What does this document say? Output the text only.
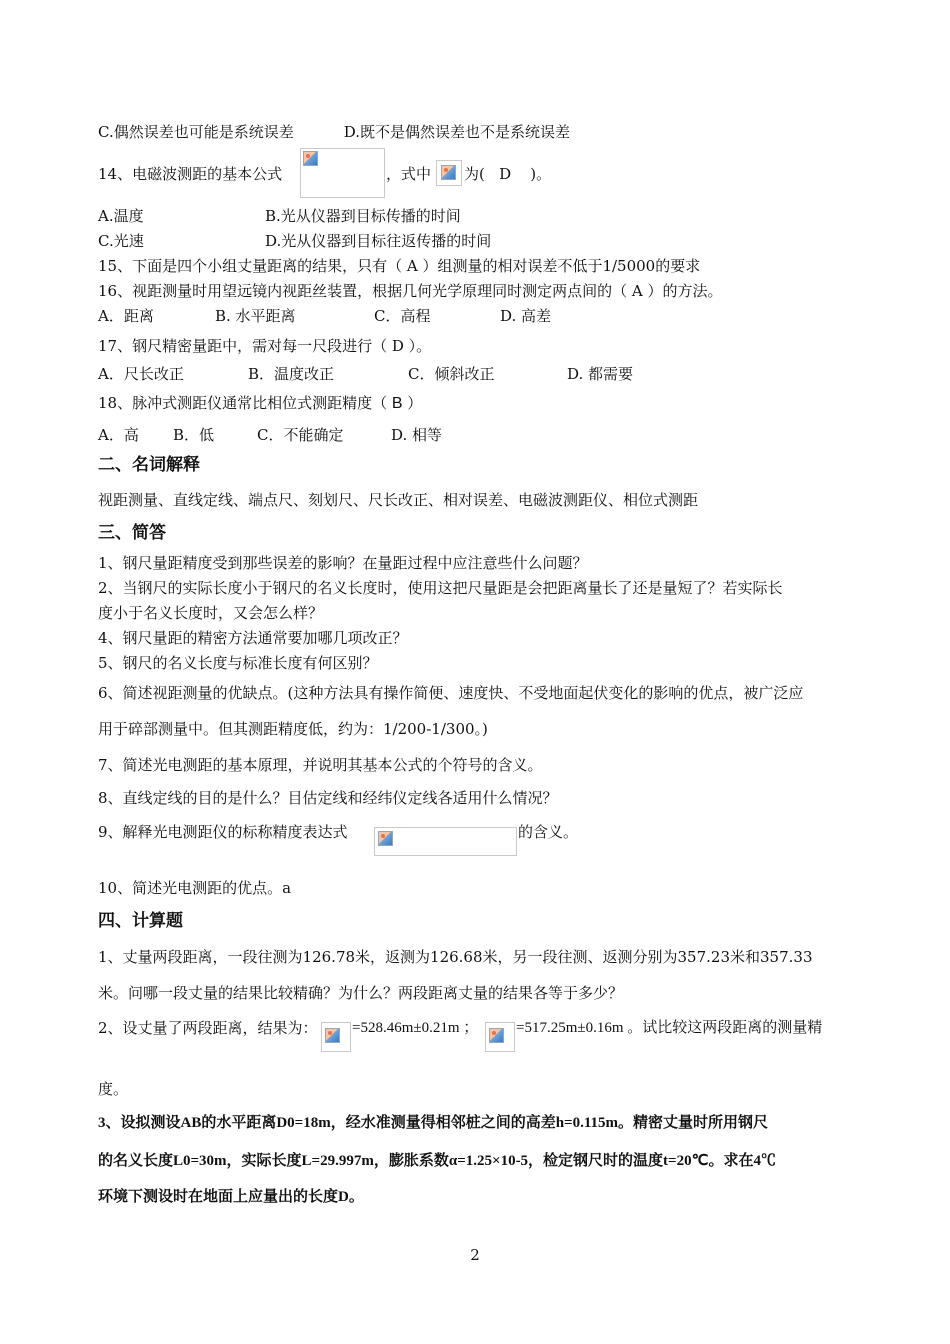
C.偶然误差也可能是系统误差	D.既不是偶然误差也不是系统误差
14、电磁波测距的基本公式	，式中 为(   D    )。
A.温度	B.光从仪器到目标传播的时间
C.光速	D.光从仪器到目标往返传播的时间
15、下面是四个小组丈量距离的结果，只有（ A ）组测量的相对误差不低于1/5000的要求
16、视距测量时用望远镜内视距丝装置，根据几何光学原理同时测定两点间的（ A ）的方法。
A．距离	B. 水平距离	C．高程	D. 高差
17、钢尺精密量距中，需对每一尺段进行（ D ）。
A．尺长改正	B．温度改正	C．倾斜改正	D. 都需要
18、脉冲式测距仪通常比相位式测距精度（ B ）
A．高 B．低	C．不能确定	D. 相等
二、名词解释
视距测量、直线定线、端点尺、刻划尺、尺长改正、相对误差、电磁波测距仪、相位式测距
三、简答
1、钢尺量距精度受到那些误差的影响？在量距过程中应注意些什么问题？
2、当钢尺的实际长度小于钢尺的名义长度时，使用这把尺量距是会把距离量长了还是量短了？若实际长
度小于名义长度时，又会怎么样？
4、钢尺量距的精密方法通常要加哪几项改正？
5、钢尺的名义长度与标准长度有何区别？
6、简述视距测量的优缺点。(这种方法具有操作简便、速度快、不受地面起伏变化的影响的优点，被广泛应
用于碎部测量中。但其测距精度低，约为：1/200-1/300。)
7、简述光电测距的基本原理，并说明其基本公式的个符号的含义。
8、直线定线的目的是什么？目估定线和经纬仪定线各适用什么情况？
9、解释光电测距仪的标称精度表达式	的含义。
10、简述光电测距的优点。a
四、计算题
1、丈量两段距离，一段往测为126.78米，返测为126.68米，另一段往测、返测分别为357.23米和357.33
米。问哪一段丈量的结果比较精确？为什么？两段距离丈量的结果各等于多少？
2、设丈量了两段距离，结果为： =528.46m±0.21m ；	=517.25m±0.16m 。试比较这两段距离的测量精
度。
3、设拟测设AB的水平距离D0=18m，经水准测量得相邻桩之间的高差h=0.115m。精密丈量时所用钢尺
的名义长度L0=30m，实际长度L=29.997m，膨胀系数α=1.25×10-5，检定钢尺时的温度t=20℃。求在4℃
环境下测设时在地面上应量出的长度D。
2
